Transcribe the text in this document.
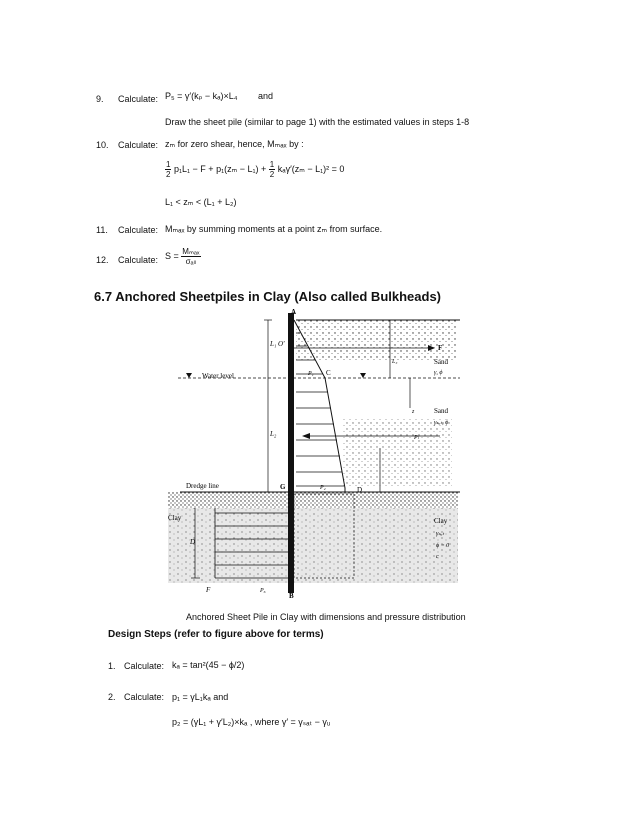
9. Calculate: P₅ = γ′(kₚ − kₐ)×L₄ and
Draw the sheet pile (similar to page 1) with the estimated values in steps 1-8
10. Calculate: zₘ for zero shear, hence, Mₘₐₓ by :
$\frac{1}{2} p_1L_1 - F + p_1(z_m - L_1) + \frac{1}{2} k_a\gamma'(z_m - L_1)^2 = 0$
L₁ < zₘ < (L₁ + L₂)
11. Calculate: Mₘₐₓ by summing moments at a point zₘ from surface.
12. Calculate: $S = \frac{\text{Mₘₐₓ}}{\text{σₐₗₗ}}$
6.7 Anchored Sheetpiles in Clay (Also called Bulkheads)
A
L₁ O′
Water level	P₁ C
L₂
F
Sand
γ, ϕ
L₃
z	Sand
γₛₐₜ, ϕ
Pₗ
Dredge line	G	P₂	D
Clay
D
Clay
γₛₐₜ
ϕ = 0
c
F	P₆
B
Anchored Sheet Pile in Clay with dimensions and pressure distribution
Design Steps (refer to figure above for terms)
1. Calculate: kₐ = tan²(45 − ϕ/2)
2. Calculate: p₁ = γL₁kₐ and
p₂ = (γL₁ + γ′L₂)×kₐ , where γ′ = γₛₐₜ − γᵤ
